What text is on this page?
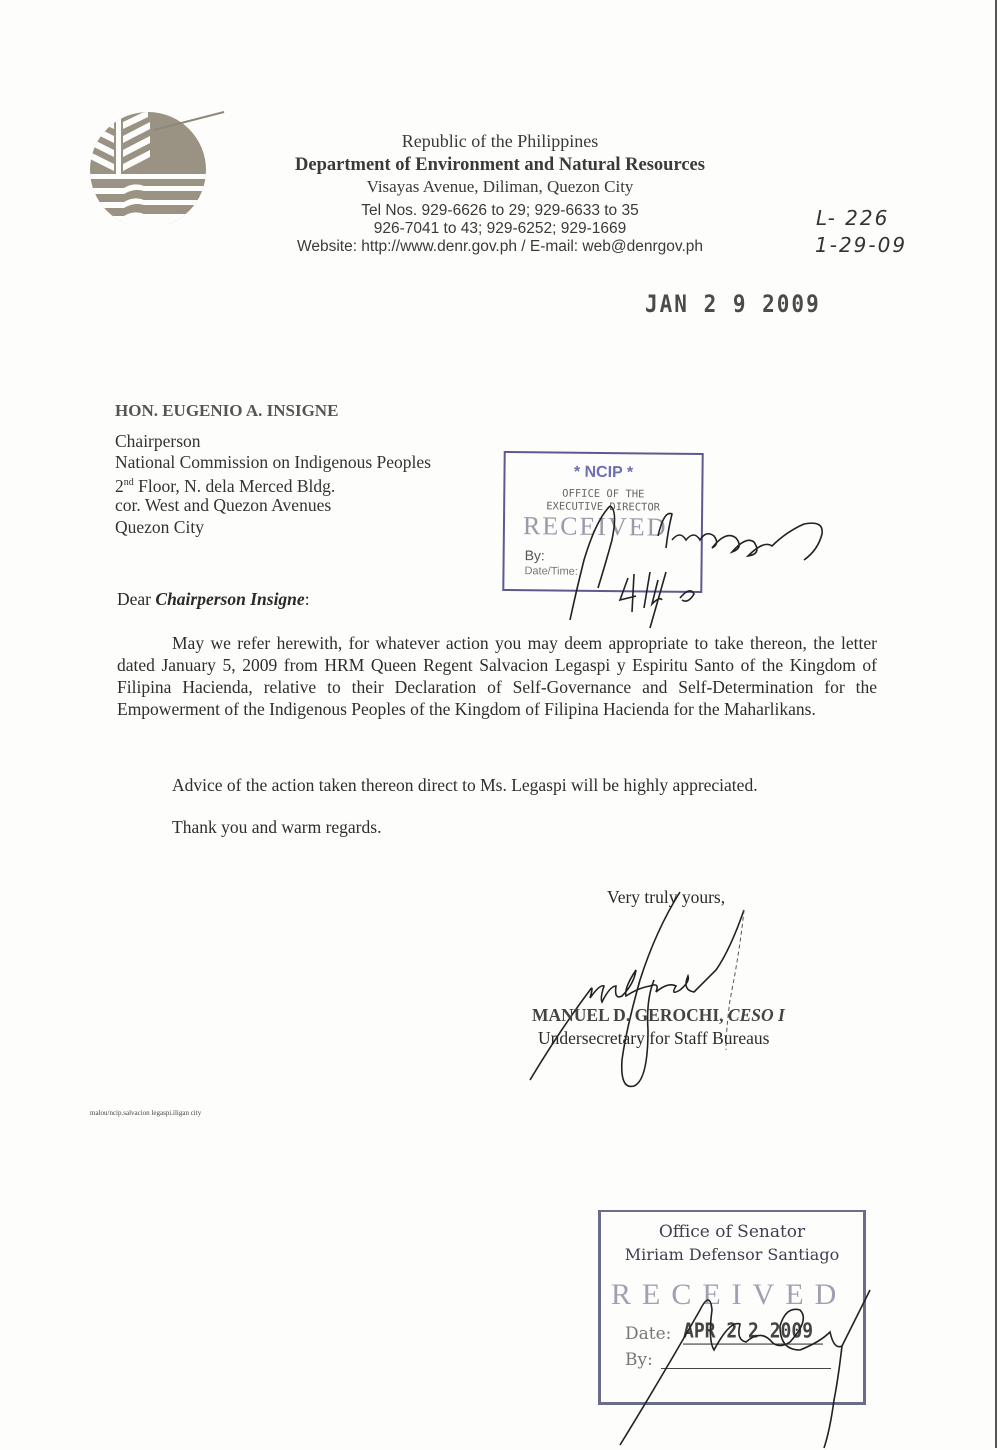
Republic of the Philippines
Department of Environment and Natural Resources
Visayas Avenue, Diliman, Quezon City
Tel Nos. 929-6626 to 29; 929-6633 to 35
926-7041 to 43; 929-6252; 929-1669
Website: http://www.denr.gov.ph / E-mail: web@denrgov.ph
L- 226
1-29-09
JAN 2 9 2009
HON. EUGENIO A. INSIGNE
Chairperson
National Commission on Indigenous Peoples
2nd Floor, N. dela Merced Bldg.
cor. West and Quezon Avenues
Quezon City
Dear Chairperson Insigne:
* NCIP *
OFFICE OF THE
EXECUTIVE DIRECTOR
RECEIVED
By:
Date/Time:
May we refer herewith, for whatever action you may deem appropriate to take thereon, the letter dated January 5, 2009 from HRM Queen Regent Salvacion Legaspi y Espiritu Santo of the Kingdom of Filipina Hacienda, relative to their Declaration of Self-Governance and Self-Determination for the Empowerment of the Indigenous Peoples of the Kingdom of Filipina Hacienda for the Maharlikans.
Advice of the action taken thereon direct to Ms. Legaspi will be highly appreciated.
Thank you and warm regards.
Very truly yours,
MANUEL D. GEROCHI, CESO I
Undersecretary for Staff Bureaus
malou/ncip.salvacion legaspi.iligan city
Office of Senator
Miriam Defensor Santiago
RECEIVED
Date: APR 2 2 2009
By:
